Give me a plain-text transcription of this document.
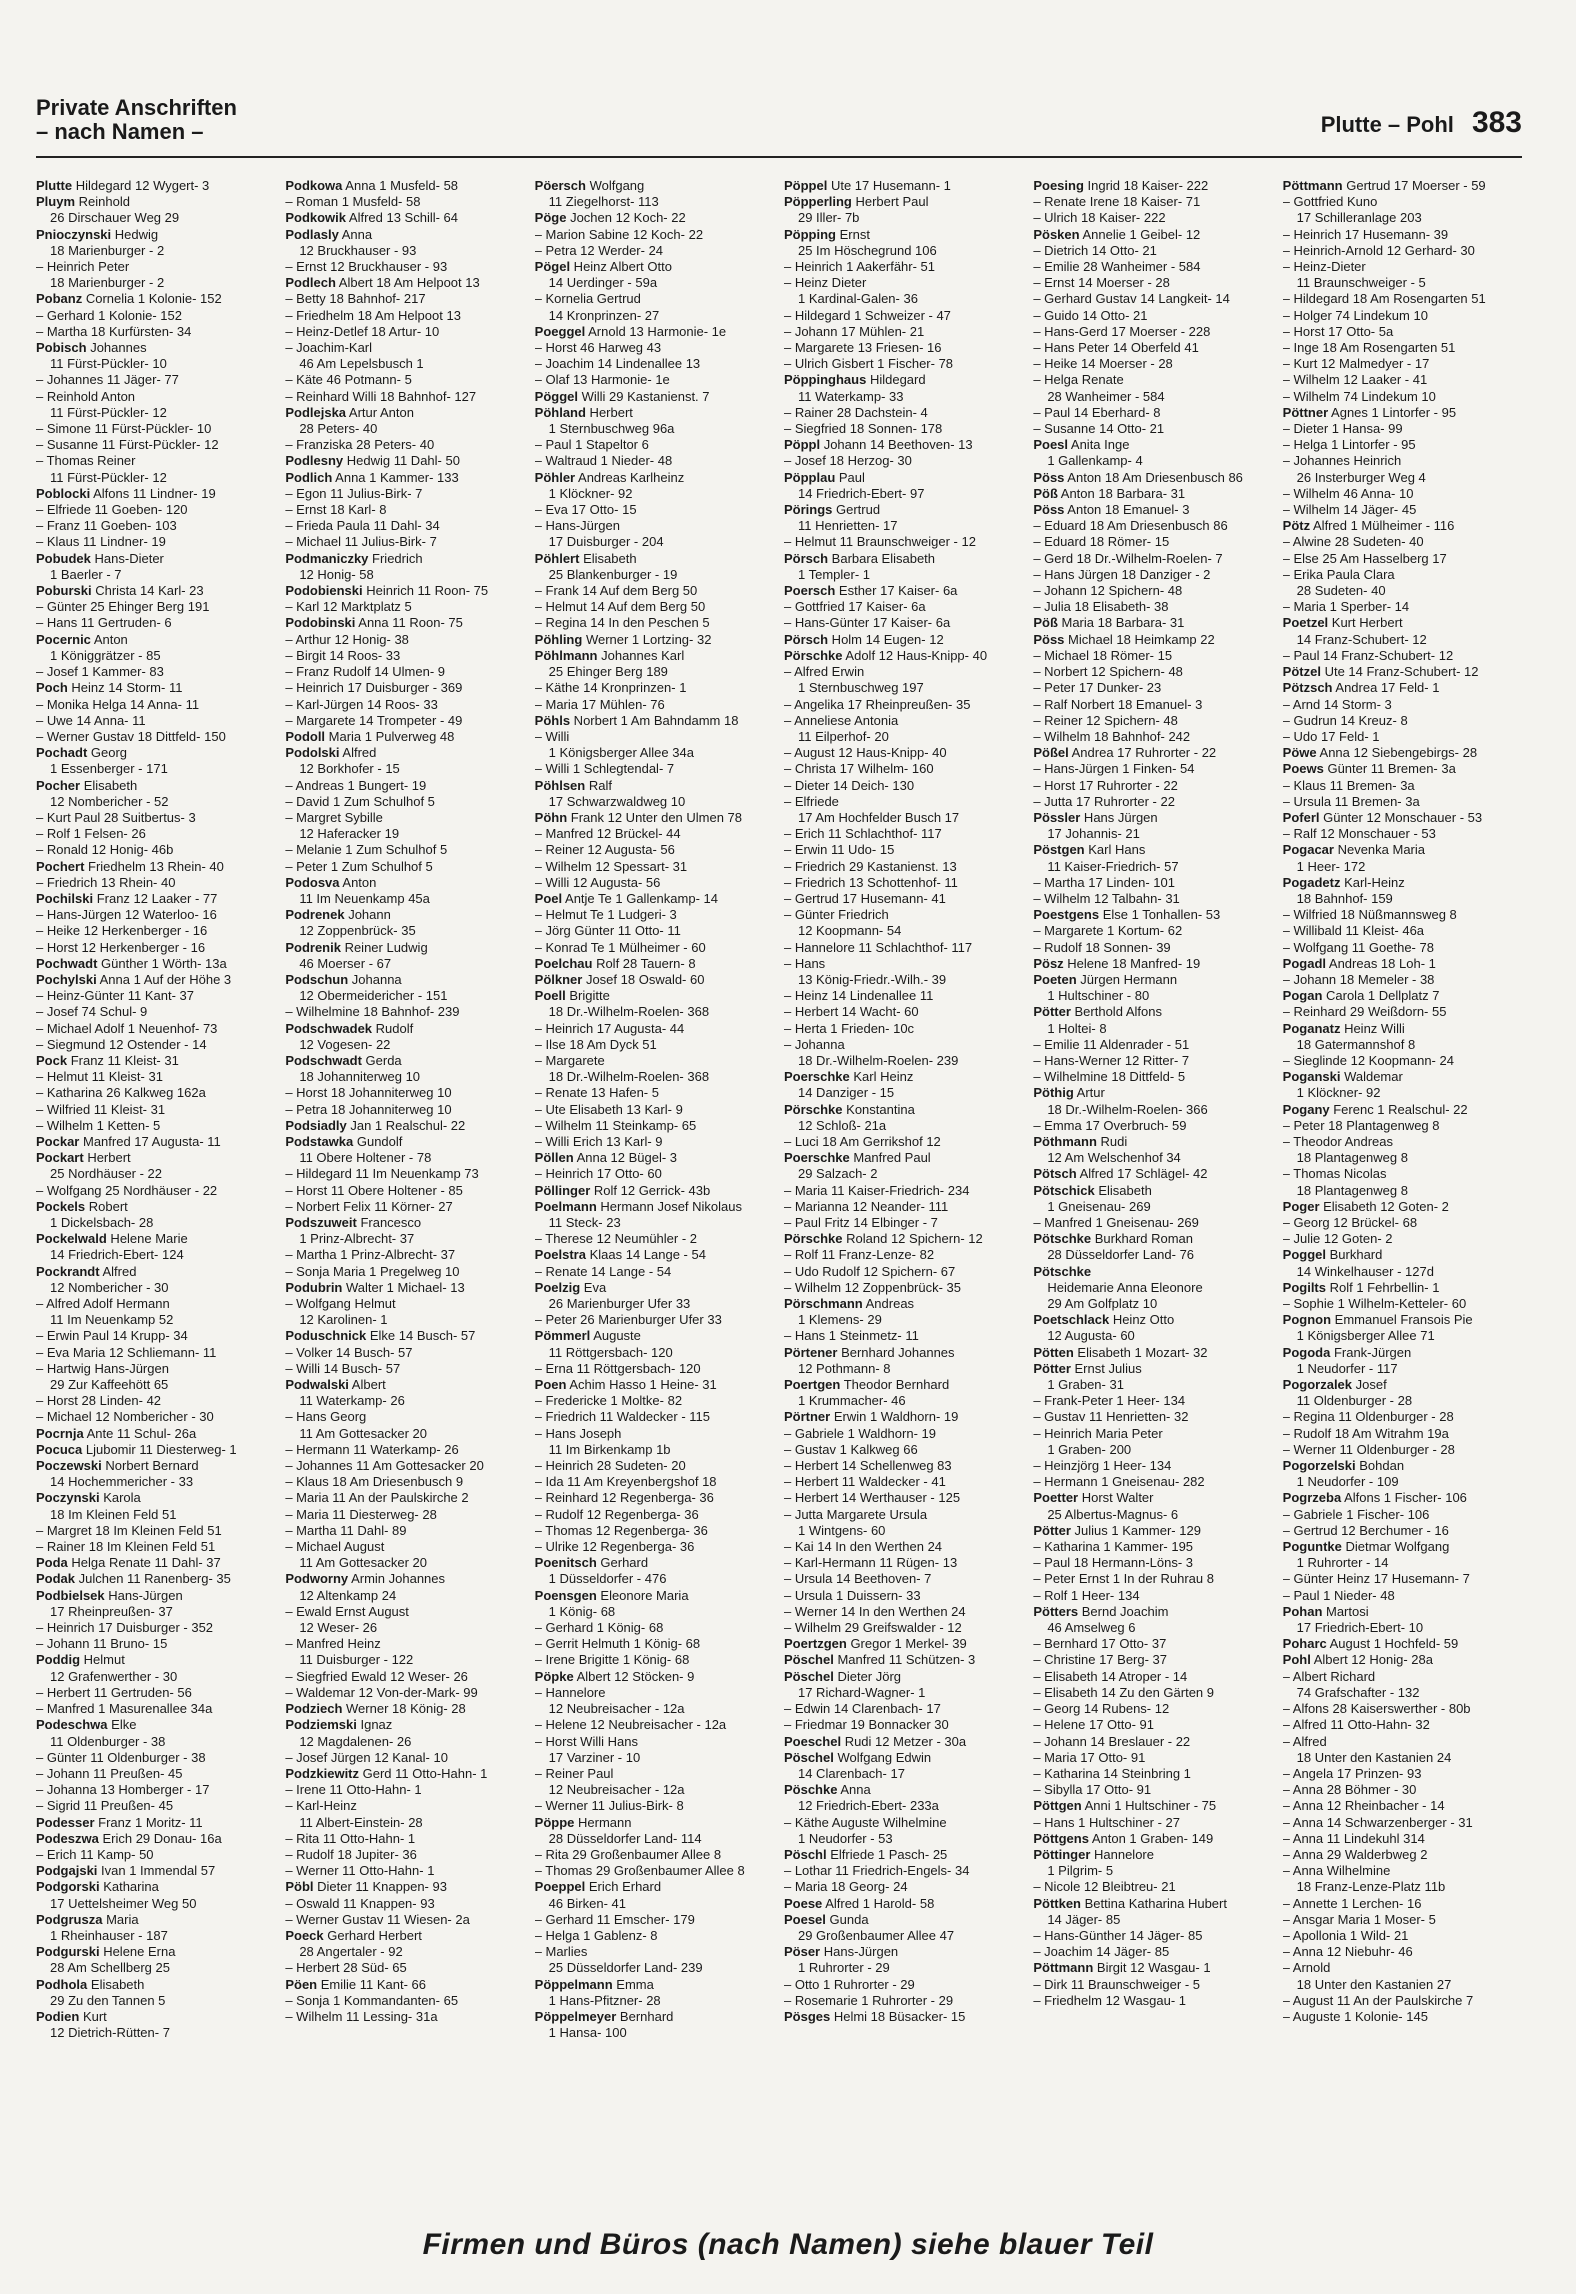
Private Anschriften
– nach Namen –	Plutte – Pohl 383
Plutte Hildegard 12 Wygert- 3
Pluym Reinhold
26 Dirschauer Weg 29
Pnioczynski Hedwig
18 Marienburger - 2
– Heinrich Peter
18 Marienburger - 2
Pobanz Cornelia 1 Kolonie- 152
– Gerhard 1 Kolonie- 152
– Martha 18 Kurfürsten- 34
Pobisch Johannes
11 Fürst-Pückler- 10
– Johannes 11 Jäger- 77
– Reinhold Anton
11 Fürst-Pückler- 12
– Simone 11 Fürst-Pückler- 10
– Susanne 11 Fürst-Pückler- 12
– Thomas Reiner
11 Fürst-Pückler- 12
Poblocki Alfons 11 Lindner- 19
– Elfriede 11 Goeben- 120
– Franz 11 Goeben- 103
– Klaus 11 Lindner- 19
Pobudek Hans-Dieter
1 Baerler - 7
Poburski Christa 14 Karl- 23
– Günter 25 Ehinger Berg 191
– Hans 11 Gertruden- 6
Pocernic Anton
1 Königgrätzer - 85
– Josef 1 Kammer- 83
Poch Heinz 14 Storm- 11
– Monika Helga 14 Anna- 11
– Uwe 14 Anna- 11
– Werner Gustav 18 Dittfeld- 150
Pochadt Georg
1 Essenberger - 171
Pocher Elisabeth
12 Nombericher - 52
– Kurt Paul 28 Suitbertus- 3
– Rolf 1 Felsen- 26
– Ronald 12 Honig- 46b
Pochert Friedhelm 13 Rhein- 40
– Friedrich 13 Rhein- 40
Pochilski Franz 12 Laaker - 77
– Hans-Jürgen 12 Waterloo- 16
– Heike 12 Herkenberger - 16
– Horst 12 Herkenberger - 16
Pochwadt Günther 1 Wörth- 13a
Pochylski Anna 1 Auf der Höhe 3
– Heinz-Günter 11 Kant- 37
– Josef 74 Schul- 9
– Michael Adolf 1 Neuenhof- 73
– Siegmund 12 Ostender - 14
Pock Franz 11 Kleist- 31
– Helmut 11 Kleist- 31
– Katharina 26 Kalkweg 162a
– Wilfried 11 Kleist- 31
– Wilhelm 1 Ketten- 5
Pockar Manfred 17 Augusta- 11
Pockart Herbert
25 Nordhäuser - 22
– Wolfgang 25 Nordhäuser - 22
Pockels Robert
1 Dickelsbach- 28
Pockelwald Helene Marie
14 Friedrich-Ebert- 124
Pockrandt Alfred
12 Nombericher - 30
– Alfred Adolf Hermann
11 Im Neuenkamp 52
– Erwin Paul 14 Krupp- 34
– Eva Maria 12 Schliemann- 11
– Hartwig Hans-Jürgen
29 Zur Kaffeehött 65
– Horst 28 Linden- 42
– Michael 12 Nombericher - 30
Pocrnja Ante 11 Schul- 26a
Pocuca Ljubomir 11 Diesterweg- 1
Poczewski Norbert Bernard
14 Hochemmericher - 33
Poczynski Karola
18 Im Kleinen Feld 51
– Margret 18 Im Kleinen Feld 51
– Rainer 18 Im Kleinen Feld 51
Poda Helga Renate 11 Dahl- 37
Podak Julchen 11 Ranenberg- 35
Podbielsek Hans-Jürgen
17 Rheinpreußen- 37
– Heinrich 17 Duisburger - 352
– Johann 11 Bruno- 15
Poddig Helmut
12 Grafenwerther - 30
– Herbert 11 Gertruden- 56
– Manfred 1 Masurenallee 34a
Podeschwa Elke
11 Oldenburger - 38
– Günter 11 Oldenburger - 38
– Johann 11 Preußen- 45
– Johanna 13 Homberger - 17
– Sigrid 11 Preußen- 45
Podesser Franz 1 Moritz- 11
Podeszwa Erich 29 Donau- 16a
– Erich 11 Kamp- 50
Podgajski Ivan 1 Immendal 57
Podgorski Katharina
17 Uettelsheimer Weg 50
Podgrusza Maria
1 Rheinhauser - 187
Podgurski Helene Erna
28 Am Schellberg 25
Podhola Elisabeth
29 Zu den Tannen 5
Podien Kurt
12 Dietrich-Rütten- 7
Podkowa Anna 1 Musfeld- 58
– Roman 1 Musfeld- 58
Podkowik Alfred 13 Schill- 64
Podlasly Anna
12 Bruckhauser - 93
– Ernst 12 Bruckhauser - 93
Podlech Albert 18 Am Helpoot 13
– Betty 18 Bahnhof- 217
– Friedhelm 18 Am Helpoot 13
– Heinz-Detlef 18 Artur- 10
– Joachim-Karl
46 Am Lepelsbusch 1
– Käte 46 Potmann- 5
– Reinhard Willi 18 Bahnhof- 127
Podlejska Artur Anton
28 Peters- 40
– Franziska 28 Peters- 40
Podlesny Hedwig 11 Dahl- 50
Podlich Anna 1 Kammer- 133
– Egon 11 Julius-Birk- 7
– Ernst 18 Karl- 8
– Frieda Paula 11 Dahl- 34
– Michael 11 Julius-Birk- 7
Podmaniczky Friedrich
12 Honig- 58
Podobienski Heinrich 11 Roon- 75
– Karl 12 Marktplatz 5
Podobinski Anna 11 Roon- 75
– Arthur 12 Honig- 38
– Birgit 14 Roos- 33
– Franz Rudolf 14 Ulmen- 9
– Heinrich 17 Duisburger - 369
– Karl-Jürgen 14 Roos- 33
– Margarete 14 Trompeter - 49
Podoll Maria 1 Pulverweg 48
Podolski Alfred
12 Borkhofer - 15
– Andreas 1 Bungert- 19
– David 1 Zum Schulhof 5
– Margret Sybille
12 Haferacker 19
– Melanie 1 Zum Schulhof 5
– Peter 1 Zum Schulhof 5
Podosva Anton
11 Im Neuenkamp 45a
Podrenek Johann
12 Zoppenbrück- 35
Podrenik Reiner Ludwig
46 Moerser - 67
Podschun Johanna
12 Obermeidericher - 151
– Wilhelmine 18 Bahnhof- 239
Podschwadek Rudolf
12 Vogesen- 22
Podschwadt Gerda
18 Johanniterweg 10
– Horst 18 Johanniterweg 10
– Petra 18 Johanniterweg 10
Podsiadly Jan 1 Realschul- 22
Podstawka Gundolf
11 Obere Holtener - 78
– Hildegard 11 Im Neuenkamp 73
– Horst 11 Obere Holtener - 85
– Norbert Felix 11 Körner- 27
Podszuweit Francesco
1 Prinz-Albrecht- 37
– Martha 1 Prinz-Albrecht- 37
– Sonja Maria 1 Pregelweg 10
Podubrin Walter 1 Michael- 13
– Wolfgang Helmut
12 Karolinen- 1
Poduschnick Elke 14 Busch- 57
– Volker 14 Busch- 57
– Willi 14 Busch- 57
Podwalski Albert
11 Waterkamp- 26
– Hans Georg
11 Am Gottesacker 20
– Hermann 11 Waterkamp- 26
– Johannes 11 Am Gottesacker 20
– Klaus 18 Am Driesenbusch 9
– Maria 11 An der Paulskirche 2
– Maria 11 Diesterweg- 28
– Martha 11 Dahl- 89
– Michael August
11 Am Gottesacker 20
Podworny Armin Johannes
12 Altenkamp 24
– Ewald Ernst August
12 Weser- 26
– Manfred Heinz
11 Duisburger - 122
– Siegfried Ewald 12 Weser- 26
– Waldemar 12 Von-der-Mark- 99
Podziech Werner 18 König- 28
Podziemski Ignaz
12 Magdalenen- 26
– Josef Jürgen 12 Kanal- 10
Podzkiewitz Gerd 11 Otto-Hahn- 1
– Irene 11 Otto-Hahn- 1
– Karl-Heinz
11 Albert-Einstein- 28
– Rita 11 Otto-Hahn- 1
– Rudolf 18 Jupiter- 36
– Werner 11 Otto-Hahn- 1
Pöbl Dieter 11 Knappen- 93
– Oswald 11 Knappen- 93
– Werner Gustav 11 Wiesen- 2a
Poeck Gerhard Herbert
28 Angertaler - 92
– Herbert 28 Süd- 65
Pöen Emilie 11 Kant- 66
– Sonja 1 Kommandanten- 65
– Wilhelm 11 Lessing- 31a
Pöersch Wolfgang
11 Ziegelhorst- 113
Pöge Jochen 12 Koch- 22
– Marion Sabine 12 Koch- 22
– Petra 12 Werder- 24
Pögel Heinz Albert Otto
14 Uerdinger - 59a
– Kornelia Gertrud
14 Kronprinzen- 27
Poeggel Arnold 13 Harmonie- 1e
– Horst 46 Harweg 43
– Joachim 14 Lindenallee 13
– Olaf 13 Harmonie- 1e
Pöggel Willi 29 Kastanienst. 7
Pöhland Herbert
1 Sternbuschweg 96a
– Paul 1 Stapeltor 6
– Waltraud 1 Nieder- 48
Pöhler Andreas Karlheinz
1 Klöckner- 92
– Eva 17 Otto- 15
– Hans-Jürgen
17 Duisburger - 204
Pöhlert Elisabeth
25 Blankenburger - 19
– Frank 14 Auf dem Berg 50
– Helmut 14 Auf dem Berg 50
– Regina 14 In den Peschen 5
Pöhling Werner 1 Lortzing- 32
Pöhlmann Johannes Karl
25 Ehinger Berg 189
– Käthe 14 Kronprinzen- 1
– Maria 17 Mühlen- 76
Pöhls Norbert 1 Am Bahndamm 18
– Willi
1 Königsberger Allee 34a
– Willi 1 Schlegtendal- 7
Pöhlsen Ralf
17 Schwarzwaldweg 10
Pöhn Frank 12 Unter den Ulmen 78
– Manfred 12 Brückel- 44
– Reiner 12 Augusta- 56
– Wilhelm 12 Spessart- 31
– Willi 12 Augusta- 56
Poel Antje Te 1 Gallenkamp- 14
– Helmut Te 1 Ludgeri- 3
– Jörg Günter 11 Otto- 11
– Konrad Te 1 Mülheimer - 60
Poelchau Rolf 28 Tauern- 8
Pölkner Josef 18 Oswald- 60
Poell Brigitte
18 Dr.-Wilhelm-Roelen- 368
– Heinrich 17 Augusta- 44
– Ilse 18 Am Dyck 51
– Margarete
18 Dr.-Wilhelm-Roelen- 368
– Renate 13 Hafen- 5
– Ute Elisabeth 13 Karl- 9
– Wilhelm 11 Steinkamp- 65
– Willi Erich 13 Karl- 9
Pöllen Anna 12 Bügel- 3
– Heinrich 17 Otto- 60
Pöllinger Rolf 12 Gerrick- 43b
Poelmann Hermann Josef Nikolaus
11 Steck- 23
– Therese 12 Neumühler - 2
Poelstra Klaas 14 Lange - 54
– Renate 14 Lange - 54
Poelzig Eva
26 Marienburger Ufer 33
– Peter 26 Marienburger Ufer 33
Pömmerl Auguste
11 Röttgersbach- 120
– Erna 11 Röttgersbach- 120
Poen Achim Hasso 1 Heine- 31
– Fredericke 1 Moltke- 82
– Friedrich 11 Waldecker - 115
– Hans Joseph
11 Im Birkenkamp 1b
– Heinrich 28 Sudeten- 20
– Ida 11 Am Kreyenbergshof 18
– Reinhard 12 Regenberga- 36
– Rudolf 12 Regenberga- 36
– Thomas 12 Regenberga- 36
– Ulrike 12 Regenberga- 36
Poenitsch Gerhard
1 Düsseldorfer - 476
Poensgen Eleonore Maria
1 König- 68
– Gerhard 1 König- 68
– Gerrit Helmuth 1 König- 68
– Irene Brigitte 1 König- 68
Pöpke Albert 12 Stöcken- 9
– Hannelore
12 Neubreisacher - 12a
– Helene 12 Neubreisacher - 12a
– Horst Willi Hans
17 Varziner - 10
– Reiner Paul
12 Neubreisacher - 12a
– Werner 11 Julius-Birk- 8
Pöppe Hermann
28 Düsseldorfer Land- 114
– Rita 29 Großenbaumer Allee 8
– Thomas 29 Großenbaumer Allee 8
Poeppel Erich Erhard
46 Birken- 41
– Gerhard 11 Emscher- 179
– Helga 1 Gablenz- 8
– Marlies
25 Düsseldorfer Land- 239
Pöppelmann Emma
1 Hans-Pfitzner- 28
Pöppelmeyer Bernhard
1 Hansa- 100
Pöppel Ute 17 Husemann- 1
Pöpperling Herbert Paul
29 Iller- 7b
Pöpping Ernst
25 Im Höschegrund 106
– Heinrich 1 Aakerfähr- 51
– Heinz Dieter
1 Kardinal-Galen- 36
– Hildegard 1 Schweizer - 47
– Johann 17 Mühlen- 21
– Margarete 13 Friesen- 16
– Ulrich Gisbert 1 Fischer- 78
Pöppinghaus Hildegard
11 Waterkamp- 33
– Rainer 28 Dachstein- 4
– Siegfried 18 Sonnen- 178
Pöppl Johann 14 Beethoven- 13
– Josef 18 Herzog- 30
Pöpplau Paul
14 Friedrich-Ebert- 97
Pörings Gertrud
11 Henrietten- 17
– Helmut 11 Braunschweiger - 12
Pörsch Barbara Elisabeth
1 Templer- 1
Poersch Esther 17 Kaiser- 6a
– Gottfried 17 Kaiser- 6a
– Hans-Günter 17 Kaiser- 6a
Pörsch Holm 14 Eugen- 12
Pörschke Adolf 12 Haus-Knipp- 40
– Alfred Erwin
1 Sternbuschweg 197
– Angelika 17 Rheinpreußen- 35
– Anneliese Antonia
11 Eilperhof- 20
– August 12 Haus-Knipp- 40
– Christa 17 Wilhelm- 160
– Dieter 14 Deich- 130
– Elfriede
17 Am Hochfelder Busch 17
– Erich 11 Schlachthof- 117
– Erwin 11 Udo- 15
– Friedrich 29 Kastanienst. 13
– Friedrich 13 Schottenhof- 11
– Gertrud 17 Husemann- 41
– Günter Friedrich
12 Koopmann- 54
– Hannelore 11 Schlachthof- 117
– Hans
13 König-Friedr.-Wilh.- 39
– Heinz 14 Lindenallee 11
– Herbert 14 Wacht- 60
– Herta 1 Frieden- 10c
– Johanna
18 Dr.-Wilhelm-Roelen- 239
Poerschke Karl Heinz
14 Danziger - 15
Pörschke Konstantina
12 Schloß- 21a
– Luci 18 Am Gerrikshof 12
Poerschke Manfred Paul
29 Salzach- 2
– Maria 11 Kaiser-Friedrich- 234
– Marianna 12 Neander- 111
– Paul Fritz 14 Elbinger - 7
Pörschke Roland 12 Spichern- 12
– Rolf 11 Franz-Lenze- 82
– Udo Rudolf 12 Spichern- 67
– Wilhelm 12 Zoppenbrück- 35
Pörschmann Andreas
1 Klemens- 29
– Hans 1 Steinmetz- 11
Pörtener Bernhard Johannes
12 Pothmann- 8
Poertgen Theodor Bernhard
1 Krummacher- 46
Pörtner Erwin 1 Waldhorn- 19
– Gabriele 1 Waldhorn- 19
– Gustav 1 Kalkweg 66
– Herbert 14 Schellenweg 83
– Herbert 11 Waldecker - 41
– Herbert 14 Werthauser - 125
– Jutta Margarete Ursula
1 Wintgens- 60
– Kai 14 In den Werthen 24
– Karl-Hermann 11 Rügen- 13
– Ursula 14 Beethoven- 7
– Ursula 1 Duissern- 33
– Werner 14 In den Werthen 24
– Wilhelm 29 Greifswalder - 12
Poertzgen Gregor 1 Merkel- 39
Pöschel Manfred 11 Schützen- 3
Pöschel Dieter Jörg
17 Richard-Wagner- 1
– Edwin 14 Clarenbach- 17
– Friedmar 19 Bonnacker 30
Poeschel Rudi 12 Metzer - 30a
Pöschel Wolfgang Edwin
14 Clarenbach- 17
Pöschke Anna
12 Friedrich-Ebert- 233a
– Käthe Auguste Wilhelmine
1 Neudorfer - 53
Pöschl Elfriede 1 Pasch- 25
– Lothar 11 Friedrich-Engels- 34
– Maria 18 Georg- 24
Poese Alfred 1 Harold- 58
Poesel Gunda
29 Großenbaumer Allee 47
Pöser Hans-Jürgen
1 Ruhrorter - 29
– Otto 1 Ruhrorter - 29
– Rosemarie 1 Ruhrorter - 29
Pösges Helmi 18 Büsacker- 15
Poesing Ingrid 18 Kaiser- 222
– Renate Irene 18 Kaiser- 71
– Ulrich 18 Kaiser- 222
Pösken Annelie 1 Geibel- 12
– Dietrich 14 Otto- 21
– Emilie 28 Wanheimer - 584
– Ernst 14 Moerser - 28
– Gerhard Gustav 14 Langkeit- 14
– Guido 14 Otto- 21
– Hans-Gerd 17 Moerser - 228
– Hans Peter 14 Oberfeld 41
– Heike 14 Moerser - 28
– Helga Renate
28 Wanheimer - 584
– Paul 14 Eberhard- 8
– Susanne 14 Otto- 21
Poesl Anita Inge
1 Gallenkamp- 4
Pöss Anton 18 Am Driesenbusch 86
Pöß Anton 18 Barbara- 31
Pöss Anton 18 Emanuel- 3
– Eduard 18 Am Driesenbusch 86
– Eduard 18 Römer- 15
– Gerd 18 Dr.-Wilhelm-Roelen- 7
– Hans Jürgen 18 Danziger - 2
– Johann 12 Spichern- 48
– Julia 18 Elisabeth- 38
Pöß Maria 18 Barbara- 31
Pöss Michael 18 Heimkamp 22
– Michael 18 Römer- 15
– Norbert 12 Spichern- 48
– Peter 17 Dunker- 23
– Ralf Norbert 18 Emanuel- 3
– Reiner 12 Spichern- 48
– Wilhelm 18 Bahnhof- 242
Pößel Andrea 17 Ruhrorter - 22
– Hans-Jürgen 1 Finken- 54
– Horst 17 Ruhrorter - 22
– Jutta 17 Ruhrorter - 22
Pössler Hans Jürgen
17 Johannis- 21
Pöstgen Karl Hans
11 Kaiser-Friedrich- 57
– Martha 17 Linden- 101
– Wilhelm 12 Talbahn- 31
Poestgens Else 1 Tonhallen- 53
– Margarete 1 Kortum- 62
– Rudolf 18 Sonnen- 39
Pösz Helene 18 Manfred- 19
Poeten Jürgen Hermann
1 Hultschiner - 80
Pötter Berthold Alfons
1 Holtei- 8
– Emilie 11 Aldenrader - 51
– Hans-Werner 12 Ritter- 7
– Wilhelmine 18 Dittfeld- 5
Pöthig Artur
18 Dr.-Wilhelm-Roelen- 366
– Emma 17 Overbruch- 59
Pöthmann Rudi
12 Am Welschenhof 34
Pötsch Alfred 17 Schlägel- 42
Pötschick Elisabeth
1 Gneisenau- 269
– Manfred 1 Gneisenau- 269
Pötschke Burkhard Roman
28 Düsseldorfer Land- 76
Pötschke
Heidemarie Anna Eleonore
29 Am Golfplatz 10
Poetschlack Heinz Otto
12 Augusta- 60
Pötten Elisabeth 1 Mozart- 32
Pötter Ernst Julius
1 Graben- 31
– Frank-Peter 1 Heer- 134
– Gustav 11 Henrietten- 32
– Heinrich Maria Peter
1 Graben- 200
– Heinzjörg 1 Heer- 134
– Hermann 1 Gneisenau- 282
Poetter Horst Walter
25 Albertus-Magnus- 6
Pötter Julius 1 Kammer- 129
– Katharina 1 Kammer- 195
– Paul 18 Hermann-Löns- 3
– Peter Ernst 1 In der Ruhrau 8
– Rolf 1 Heer- 134
Pötters Bernd Joachim
46 Amselweg 6
– Bernhard 17 Otto- 37
– Christine 17 Berg- 37
– Elisabeth 14 Atroper - 14
– Elisabeth 14 Zu den Gärten 9
– Georg 14 Rubens- 12
– Helene 17 Otto- 91
– Johann 14 Breslauer - 22
– Maria 17 Otto- 91
– Katharina 14 Steinbring 1
– Sibylla 17 Otto- 91
Pöttgen Anni 1 Hultschiner - 75
– Hans 1 Hultschiner - 27
Pöttgens Anton 1 Graben- 149
Pöttinger Hannelore
1 Pilgrim- 5
– Nicole 12 Bleibtreu- 21
Pöttken Bettina Katharina Hubert
14 Jäger- 85
– Hans-Günther 14 Jäger- 85
– Joachim 14 Jäger- 85
Pöttmann Birgit 12 Wasgau- 1
– Dirk 11 Braunschweiger - 5
– Friedhelm 12 Wasgau- 1
Pöttmann Gertrud 17 Moerser - 59
– Gottfried Kuno
17 Schilleranlage 203
– Heinrich 17 Husemann- 39
– Heinrich-Arnold 12 Gerhard- 30
– Heinz-Dieter
11 Braunschweiger - 5
– Hildegard 18 Am Rosengarten 51
– Holger 74 Lindekum 10
– Horst 17 Otto- 5a
– Inge 18 Am Rosengarten 51
– Kurt 12 Malmedyer - 17
– Wilhelm 12 Laaker - 41
– Wilhelm 74 Lindekum 10
Pöttner Agnes 1 Lintorfer - 95
– Dieter 1 Hansa- 99
– Helga 1 Lintorfer - 95
– Johannes Heinrich
26 Insterburger Weg 4
– Wilhelm 46 Anna- 10
– Wilhelm 14 Jäger- 45
Pötz Alfred 1 Mülheimer - 116
– Alwine 28 Sudeten- 40
– Else 25 Am Hasselberg 17
– Erika Paula Clara
28 Sudeten- 40
– Maria 1 Sperber- 14
Poetzel Kurt Herbert
14 Franz-Schubert- 12
– Paul 14 Franz-Schubert- 12
Pötzel Ute 14 Franz-Schubert- 12
Pötzsch Andrea 17 Feld- 1
– Arnd 14 Storm- 3
– Gudrun 14 Kreuz- 8
– Udo 17 Feld- 1
Pöwe Anna 12 Siebengebirgs- 28
Poews Günter 11 Bremen- 3a
– Klaus 11 Bremen- 3a
– Ursula 11 Bremen- 3a
Poferl Günter 12 Monschauer - 53
– Ralf 12 Monschauer - 53
Pogacar Nevenka Maria
1 Heer- 172
Pogadetz Karl-Heinz
18 Bahnhof- 159
– Wilfried 18 Nüßmannsweg 8
– Willibald 11 Kleist- 46a
– Wolfgang 11 Goethe- 78
Pogadl Andreas 18 Loh- 1
– Johann 18 Memeler - 38
Pogan Carola 1 Dellplatz 7
– Reinhard 29 Weißdorn- 55
Poganatz Heinz Willi
18 Gatermannshof 8
– Sieglinde 12 Koopmann- 24
Poganski Waldemar
1 Klöckner- 92
Pogany Ferenc 1 Realschul- 22
– Peter 18 Plantagenweg 8
– Theodor Andreas
18 Plantagenweg 8
– Thomas Nicolas
18 Plantagenweg 8
Poger Elisabeth 12 Goten- 2
– Georg 12 Brückel- 68
– Julie 12 Goten- 2
Poggel Burkhard
14 Winkelhauser - 127d
Pogilts Rolf 1 Fehrbellin- 1
– Sophie 1 Wilhelm-Ketteler- 60
Pognon Emmanuel Fransois Pie
1 Königsberger Allee 71
Pogoda Frank-Jürgen
1 Neudorfer - 117
Pogorzalek Josef
11 Oldenburger - 28
– Regina 11 Oldenburger - 28
– Rudolf 18 Am Witrahm 19a
– Werner 11 Oldenburger - 28
Pogorzelski Bohdan
1 Neudorfer - 109
Pogrzeba Alfons 1 Fischer- 106
– Gabriele 1 Fischer- 106
– Gertrud 12 Berchumer - 16
Poguntke Dietmar Wolfgang
1 Ruhrorter - 14
– Günter Heinz 17 Husemann- 7
– Paul 1 Nieder- 48
Pohan Martosi
17 Friedrich-Ebert- 10
Poharc August 1 Hochfeld- 59
Pohl Albert 12 Honig- 28a
– Albert Richard
74 Grafschafter - 132
– Alfons 28 Kaiserswerther - 80b
– Alfred 11 Otto-Hahn- 32
– Alfred
18 Unter den Kastanien 24
– Angela 17 Prinzen- 93
– Anna 28 Böhmer - 30
– Anna 12 Rheinbacher - 14
– Anna 14 Schwarzenberger - 31
– Anna 11 Lindekuhl 314
– Anna 29 Walderbweg 2
– Anna Wilhelmine
18 Franz-Lenze-Platz 11b
– Annette 1 Lerchen- 16
– Ansgar Maria 1 Moser- 5
– Apollonia 1 Wild- 21
– Anna 12 Niebuhr- 46
– Arnold
18 Unter den Kastanien 27
– August 11 An der Paulskirche 7
– Auguste 1 Kolonie- 145
Firmen und Büros (nach Namen) siehe blauer Teil
